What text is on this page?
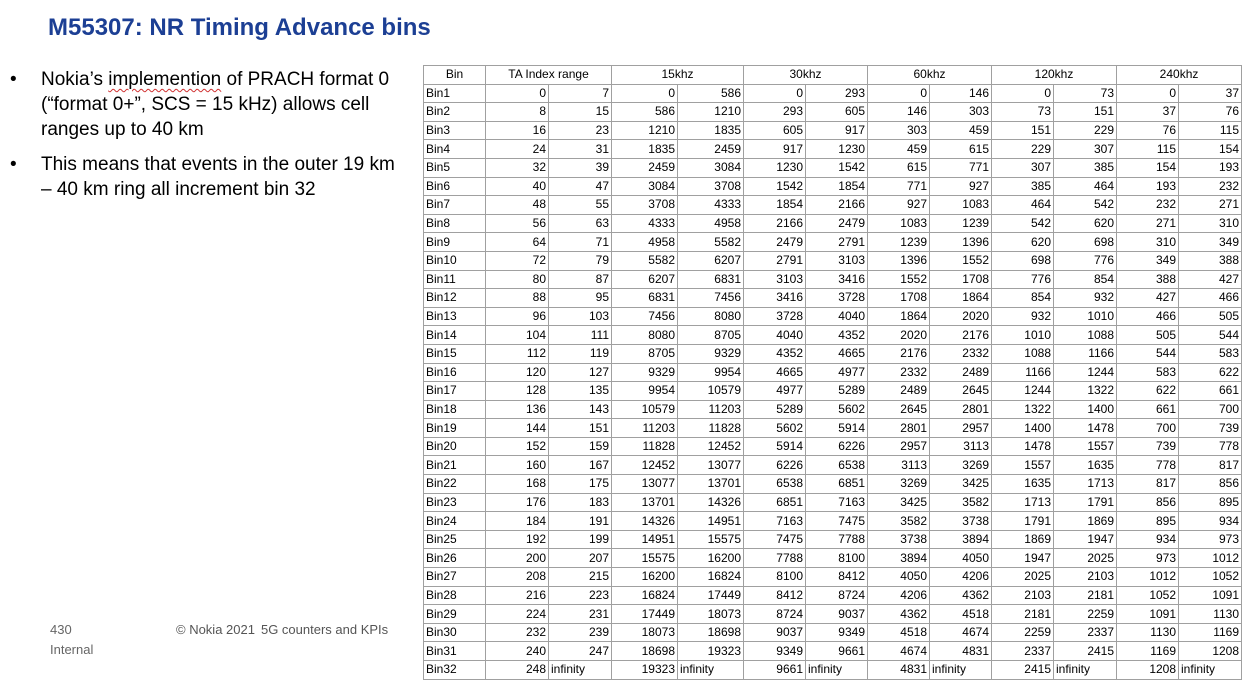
M55307: NR Timing Advance bins
•	Nokia’s implemention of PRACH format 0 (“format 0+”, SCS = 15 kHz) allows cell ranges up to 40 km
•	This means that events in the outer 19 km – 40 km ring all increment bin 32
430
Internal
© Nokia 2021 5G counters and KPIs
Bin	TA Index range		15khz		30khz		60khz		120khz		240khz	
Bin1	0	7	0	586	0	293	0	146	0	73	0	37
Bin2	8	15	586	1210	293	605	146	303	73	151	37	76
Bin3	16	23	1210	1835	605	917	303	459	151	229	76	115
Bin4	24	31	1835	2459	917	1230	459	615	229	307	115	154
Bin5	32	39	2459	3084	1230	1542	615	771	307	385	154	193
Bin6	40	47	3084	3708	1542	1854	771	927	385	464	193	232
Bin7	48	55	3708	4333	1854	2166	927	1083	464	542	232	271
Bin8	56	63	4333	4958	2166	2479	1083	1239	542	620	271	310
Bin9	64	71	4958	5582	2479	2791	1239	1396	620	698	310	349
Bin10	72	79	5582	6207	2791	3103	1396	1552	698	776	349	388
Bin11	80	87	6207	6831	3103	3416	1552	1708	776	854	388	427
Bin12	88	95	6831	7456	3416	3728	1708	1864	854	932	427	466
Bin13	96	103	7456	8080	3728	4040	1864	2020	932	1010	466	505
Bin14	104	111	8080	8705	4040	4352	2020	2176	1010	1088	505	544
Bin15	112	119	8705	9329	4352	4665	2176	2332	1088	1166	544	583
Bin16	120	127	9329	9954	4665	4977	2332	2489	1166	1244	583	622
Bin17	128	135	9954	10579	4977	5289	2489	2645	1244	1322	622	661
Bin18	136	143	10579	11203	5289	5602	2645	2801	1322	1400	661	700
Bin19	144	151	11203	11828	5602	5914	2801	2957	1400	1478	700	739
Bin20	152	159	11828	12452	5914	6226	2957	3113	1478	1557	739	778
Bin21	160	167	12452	13077	6226	6538	3113	3269	1557	1635	778	817
Bin22	168	175	13077	13701	6538	6851	3269	3425	1635	1713	817	856
Bin23	176	183	13701	14326	6851	7163	3425	3582	1713	1791	856	895
Bin24	184	191	14326	14951	7163	7475	3582	3738	1791	1869	895	934
Bin25	192	199	14951	15575	7475	7788	3738	3894	1869	1947	934	973
Bin26	200	207	15575	16200	7788	8100	3894	4050	1947	2025	973	1012
Bin27	208	215	16200	16824	8100	8412	4050	4206	2025	2103	1012	1052
Bin28	216	223	16824	17449	8412	8724	4206	4362	2103	2181	1052	1091
Bin29	224	231	17449	18073	8724	9037	4362	4518	2181	2259	1091	1130
Bin30	232	239	18073	18698	9037	9349	4518	4674	2259	2337	1130	1169
Bin31	240	247	18698	19323	9349	9661	4674	4831	2337	2415	1169	1208
Bin32	248	infinity	19323	infinity	9661	infinity	4831	infinity	2415	infinity	1208	infinity
